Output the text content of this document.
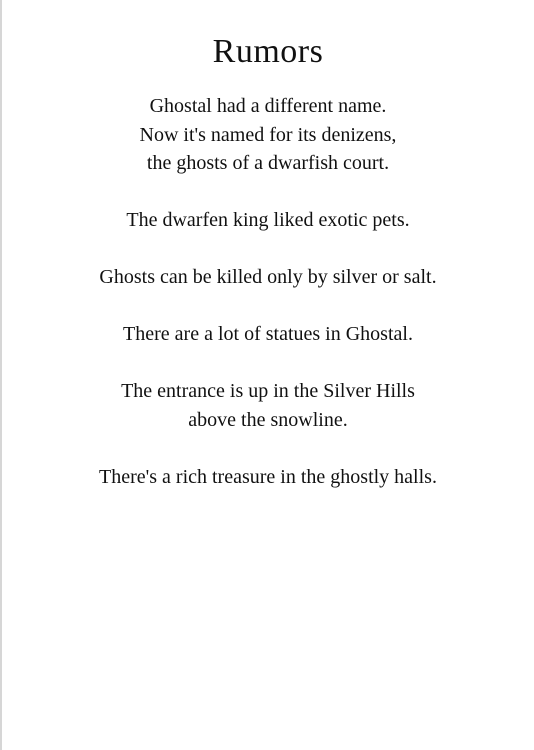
Rumors

Ghostal had a different name.
Now it's named for its denizens,
the ghosts of a dwarfish court.

The dwarfen king liked exotic pets.

Ghosts can be killed only by silver or salt.

There are a lot of statues in Ghostal.

The entrance is up in the Silver Hills
above the snowline.

There's a rich treasure in the ghostly halls.
